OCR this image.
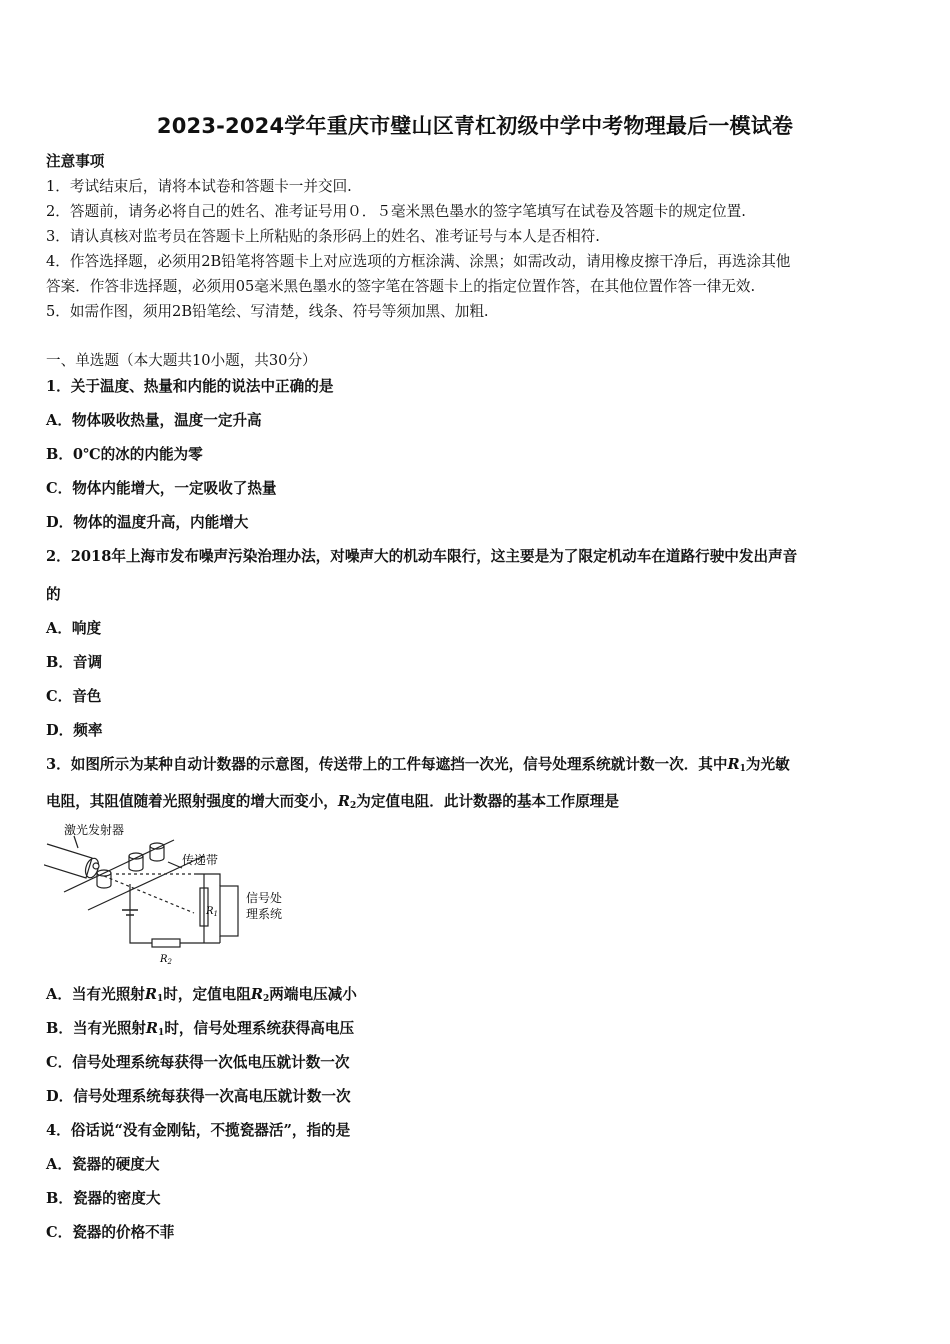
2023-2024学年重庆市璧山区青杠初级中学中考物理最后一模试卷
注意事项
1．考试结束后，请将本试卷和答题卡一并交回.
2．答题前，请务必将自己的姓名、准考证号用０．５毫米黑色墨水的签字笔填写在试卷及答题卡的规定位置.
3．请认真核对监考员在答题卡上所粘贴的条形码上的姓名、准考证号与本人是否相符.
4．作答选择题，必须用2B铅笔将答题卡上对应选项的方框涂满、涂黑；如需改动，请用橡皮擦干净后，再选涂其他
答案．作答非选择题，必须用05毫米黑色墨水的签字笔在答题卡上的指定位置作答，在其他位置作答一律无效.
5．如需作图，须用2B铅笔绘、写清楚，线条、符号等须加黑、加粗.
一、单选题（本大题共10小题，共30分）
1．关于温度、热量和内能的说法中正确的是
A．物体吸收热量，温度一定升高
B．0℃的冰的内能为零
C．物体内能增大，一定吸收了热量
D．物体的温度升高，内能增大
2．2018年上海市发布噪声污染治理办法，对噪声大的机动车限行，这主要是为了限定机动车在道路行驶中发出声音
的
A．响度
B．音调
C．音色
D．频率
3．如图所示为某种自动计数器的示意图，传送带上的工件每遮挡一次光，信号处理系统就计数一次．其中$R_1$为光敏
电阻，其阻值随着光照射强度的增大而变小，$R_2$为定值电阻．此计数器的基本工作原理是
激光发射器
传递带
信号处
理系统
$R_1$
$R_2$
A．当有光照射$R_1$时，定值电阻$R_2$两端电压减小
B．当有光照射$R_1$时，信号处理系统获得高电压
C．信号处理系统每获得一次低电压就计数一次
D．信号处理系统每获得一次高电压就计数一次
4．俗话说“没有金刚钻，不揽瓷器活”，指的是
A．瓷器的硬度大
B．瓷器的密度大
C．瓷器的价格不菲
